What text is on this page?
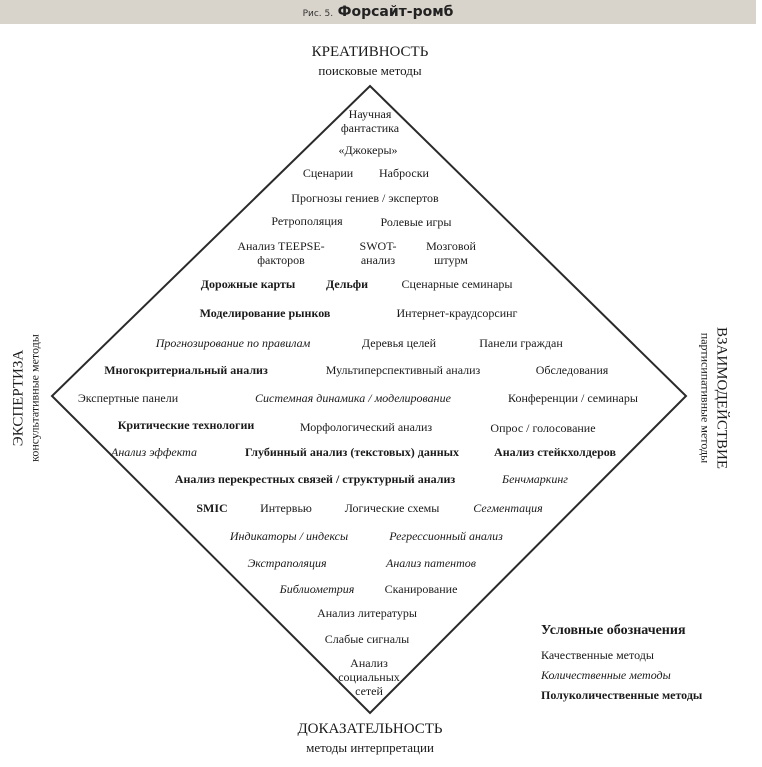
Рис. 5. Форсайт-ромб
КРЕАТИВНОСТЬ
поисковые методы
ДОКАЗАТЕЛЬНОСТЬ
методы интерпретации
ЭКСПЕРТИЗА консультативные методы	ВЗАИМОДЕЙСТВИЕ
партисипативные методы
Научная фантастика
«Джокеры»
Сценарии Наброски
Прогнозы гениев / экспертов
Ретрополяция	Ролевые игры
Анализ TEEPSE-факторов
SWOT-анализ
Мозговой штурм
Дорожные карты	Дельфи	Сценарные семинары
Моделирование рынков	Интернет-краудсорсинг
Прогнозирование по правилам	Деревья целей	Панели граждан
Многокритериальный анализ	Мультиперспективный анализ	Обследования
Экспертные панели	Системная динамика / моделирование	Конференции / семинары
Критические технологии	Морфологический анализ	Опрос / голосование
Анализ эффекта	Глубинный анализ (текстовых) данных	Анализ стейкхолдеров
Анализ перекрестных связей / структурный анализ	Бенчмаркинг
SMIC	Интервью	Логические схемы	Сегментация
Индикаторы / индексы	Регрессионный анализ
Экстраполяция	Анализ патентов
Библиометрия	Сканирование
Анализ литературы
Слабые сигналы
Анализ социальных сетей
Условные обозначения
Качественные методы
Количественные методы
Полуколичественные методы
